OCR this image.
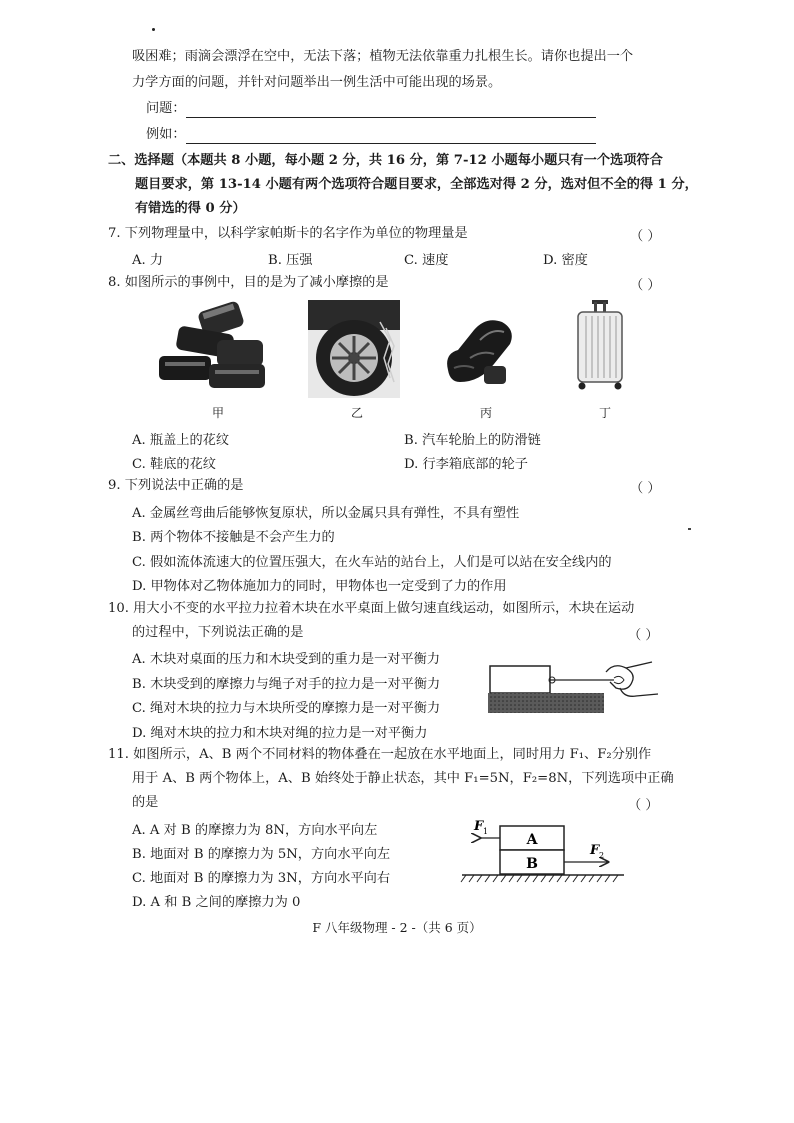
吸困难；雨滴会漂浮在空中，无法下落；植物无法依靠重力扎根生长。请你也提出一个
力学方面的问题，并针对问题举出一例生活中可能出现的场景。
问题：
例如：
二、选择题（本题共 8 小题，每小题 2 分，共 16 分，第 7-12 小题每小题只有一个选项符合
题目要求，第 13-14 小题有两个选项符合题目要求，全部选对得 2 分，选对但不全的得 1 分，
有错选的得 0 分）
7. 下列物理量中，以科学家帕斯卡的名字作为单位的物理量是	（ ）
A. 力	B. 压强	C. 速度	D. 密度
8. 如图所示的事例中，目的是为了减小摩擦的是	（ ）
甲	乙	丙	丁
A. 瓶盖上的花纹	B. 汽车轮胎上的防滑链
C. 鞋底的花纹	D. 行李箱底部的轮子
9. 下列说法中正确的是	（ ）
A. 金属丝弯曲后能够恢复原状，所以金属只具有弹性，不具有塑性
B. 两个物体不接触是不会产生力的
C. 假如流体流速大的位置压强大，在火车站的站台上，人们是可以站在安全线内的
D. 甲物体对乙物体施加力的同时，甲物体也一定受到了力的作用
10. 用大小不变的水平拉力拉着木块在水平桌面上做匀速直线运动，如图所示，木块在运动
的过程中，下列说法正确的是	（ ）
A. 木块对桌面的压力和木块受到的重力是一对平衡力
B. 木块受到的摩擦力与绳子对手的拉力是一对平衡力
C. 绳对木块的拉力与木块所受的摩擦力是一对平衡力
D. 绳对木块的拉力和木块对绳的拉力是一对平衡力
11. 如图所示，A、B 两个不同材料的物体叠在一起放在水平地面上，同时用力 F₁、F₂分别作
用于 A、B 两个物体上，A、B 始终处于静止状态，其中 F₁=5N，F₂=8N，下列选项中正确
的是	（ ）
A. A 对 B 的摩擦力为 8N，方向水平向左
B. 地面对 B 的摩擦力为 5N，方向水平向左
C. 地面对 B 的摩擦力为 3N，方向水平向右
D. A 和 B 之间的摩擦力为 0
A
B
F 1
F 2
F 八年级物理 - 2 -（共 6 页）
